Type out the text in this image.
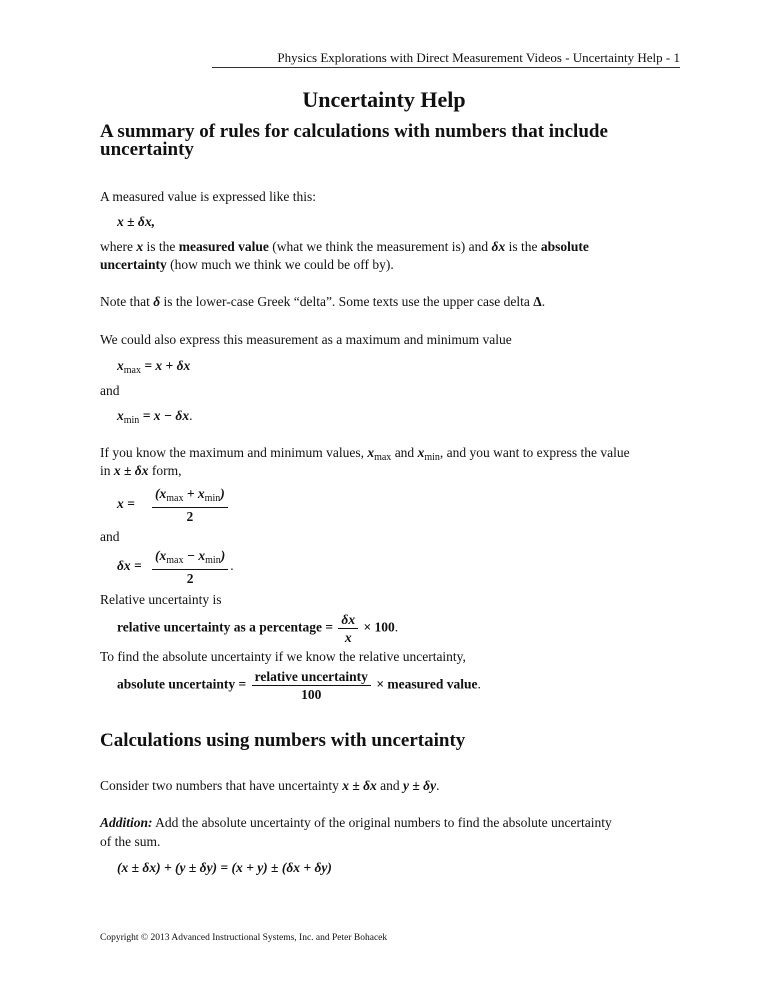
Physics Explorations with Direct Measurement Videos - Uncertainty Help - 1
Uncertainty Help
A summary of rules for calculations with numbers that include
uncertainty
A measured value is expressed like this:
x ± δx,
where x is the measured value (what we think the measurement is) and δx is the absolute
uncertainty (how much we think we could be off by).
Note that δ is the lower-case Greek “delta”. Some texts use the upper case delta Δ.
We could also express this measurement as a maximum and minimum value
$x_{max} = x + \delta x$
and
$x_{min} = x - \delta x$.
If you know the maximum and minimum values, $x_{max}$ and $x_{min}$, and you want to express the value
in x ± δx form,
$x = \frac{(x_{max} + x_{min})}{2}$
and
$\delta x = \frac{(x_{max} - x_{min})}{2}$ .
Relative uncertainty is
relative uncertainty as a percentage = $\frac{\delta x}{x} \times 100$.
To find the absolute uncertainty if we know the relative uncertainty,
absolute uncertainty = $\frac{\text{relative uncertainty}}{100}$ × measured value.
Calculations using numbers with uncertainty
Consider two numbers that have uncertainty x ± δx and y ± δy.
Addition: Add the absolute uncertainty of the original numbers to find the absolute uncertainty
of the sum.
(x ± δx) + (y ± δy) = (x + y) ± (δx + δy)
Copyright © 2013 Advanced Instructional Systems, Inc. and Peter Bohacek
